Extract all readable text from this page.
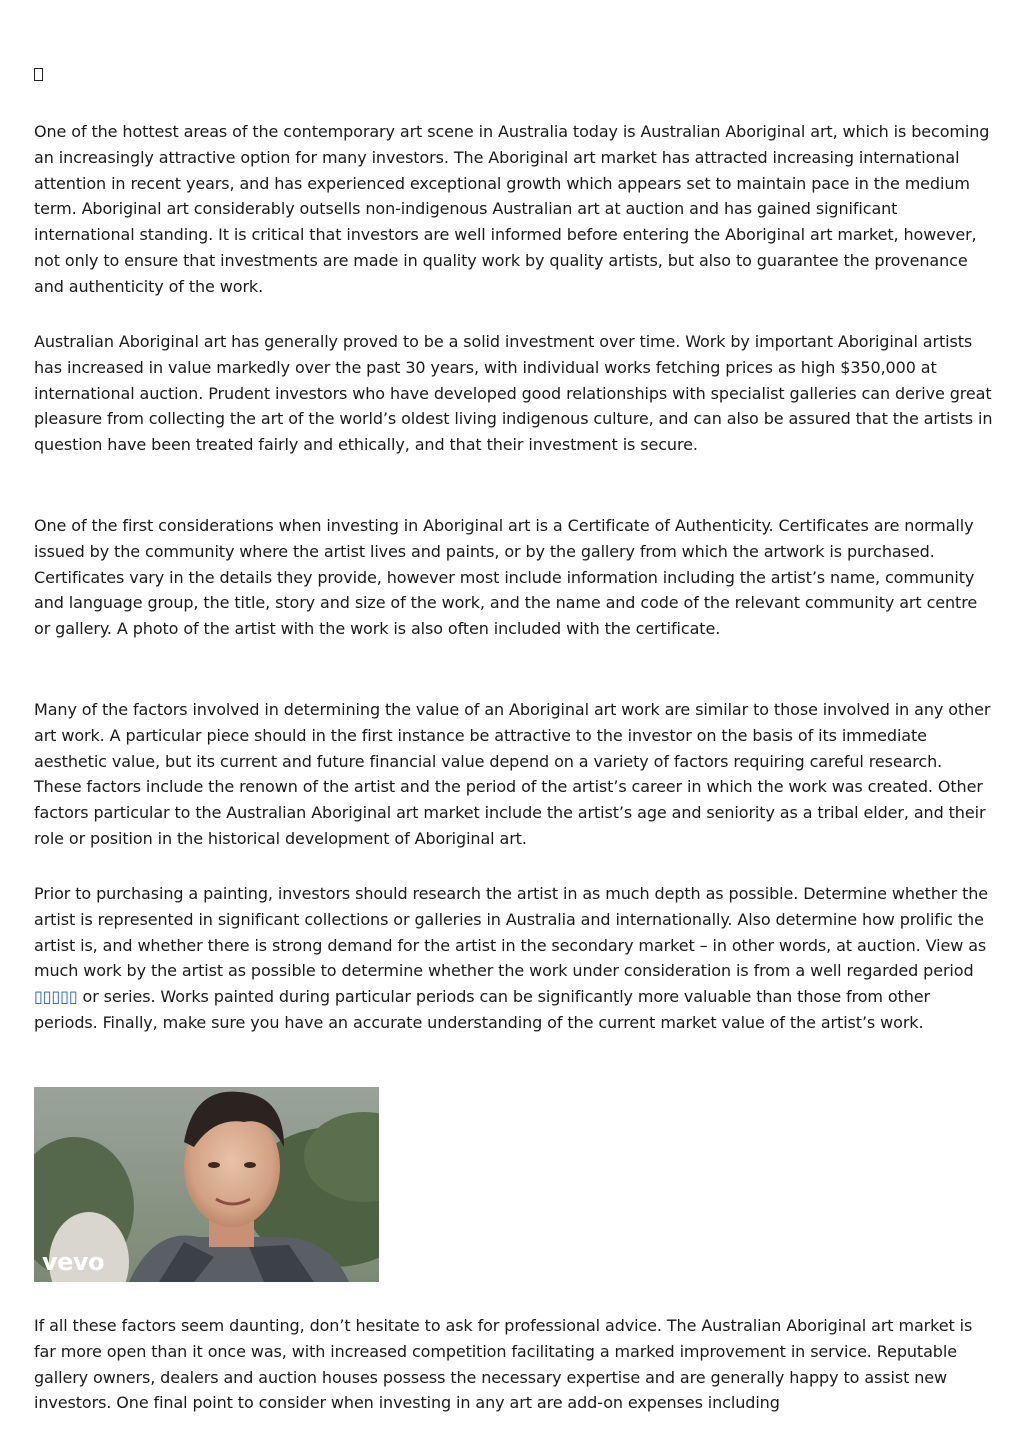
One of the hottest areas of the contemporary art scene in Australia today is Australian Aboriginal art, which is becoming an increasingly attractive option for many investors. The Aboriginal art market has attracted increasing international attention in recent years, and has experienced exceptional growth which appears set to maintain pace in the medium term. Aboriginal art considerably outsells non-indigenous Australian art at auction and has gained significant international standing. It is critical that investors are well informed before entering the Aboriginal art market, however, not only to ensure that investments are made in quality work by quality artists, but also to guarantee the provenance and authenticity of the work.

Australian Aboriginal art has generally proved to be a solid investment over time. Work by important Aboriginal artists has increased in value markedly over the past 30 years, with individual works fetching prices as high $350,000 at international auction. Prudent investors who have developed good relationships with specialist galleries can derive great pleasure from collecting the art of the world’s oldest living indigenous culture, and can also be assured that the artists in question have been treated fairly and ethically, and that their investment is secure.

One of the first considerations when investing in Aboriginal art is a Certificate of Authenticity. Certificates are normally issued by the community where the artist lives and paints, or by the gallery from which the artwork is purchased. Certificates vary in the details they provide, however most include information including the artist’s name, community and language group, the title, story and size of the work, and the name and code of the relevant community art centre or gallery. A photo of the artist with the work is also often included with the certificate.

Many of the factors involved in determining the value of an Aboriginal art work are similar to those involved in any other art work. A particular piece should in the first instance be attractive to the investor on the basis of its immediate aesthetic value, but its current and future financial value depend on a variety of factors requiring careful research. These factors include the renown of the artist and the period of the artist’s career in which the work was created. Other factors particular to the Australian Aboriginal art market include the artist’s age and seniority as a tribal elder, and their role or position in the historical development of Aboriginal art.

Prior to purchasing a painting, investors should research the artist in as much depth as possible. Determine whether the artist is represented in significant collections or galleries in Australia and internationally. Also determine how prolific the artist is, and whether there is strong demand for the artist in the secondary market – in other words, at auction. View as much work by the artist as possible to determine whether the work under consideration is from a well regarded period ▯▯▯▯▯ or series. Works painted during particular periods can be significantly more valuable than those from other periods. Finally, make sure you have an accurate understanding of the current market value of the artist’s work.

If all these factors seem daunting, don’t hesitate to ask for professional advice. The Australian Aboriginal art market is far more open than it once was, with increased competition facilitating a marked improvement in service. Reputable gallery owners, dealers and auction houses possess the necessary expertise and are generally happy to assist new investors. One final point to consider when investing in any art are add-on expenses including

vevo
